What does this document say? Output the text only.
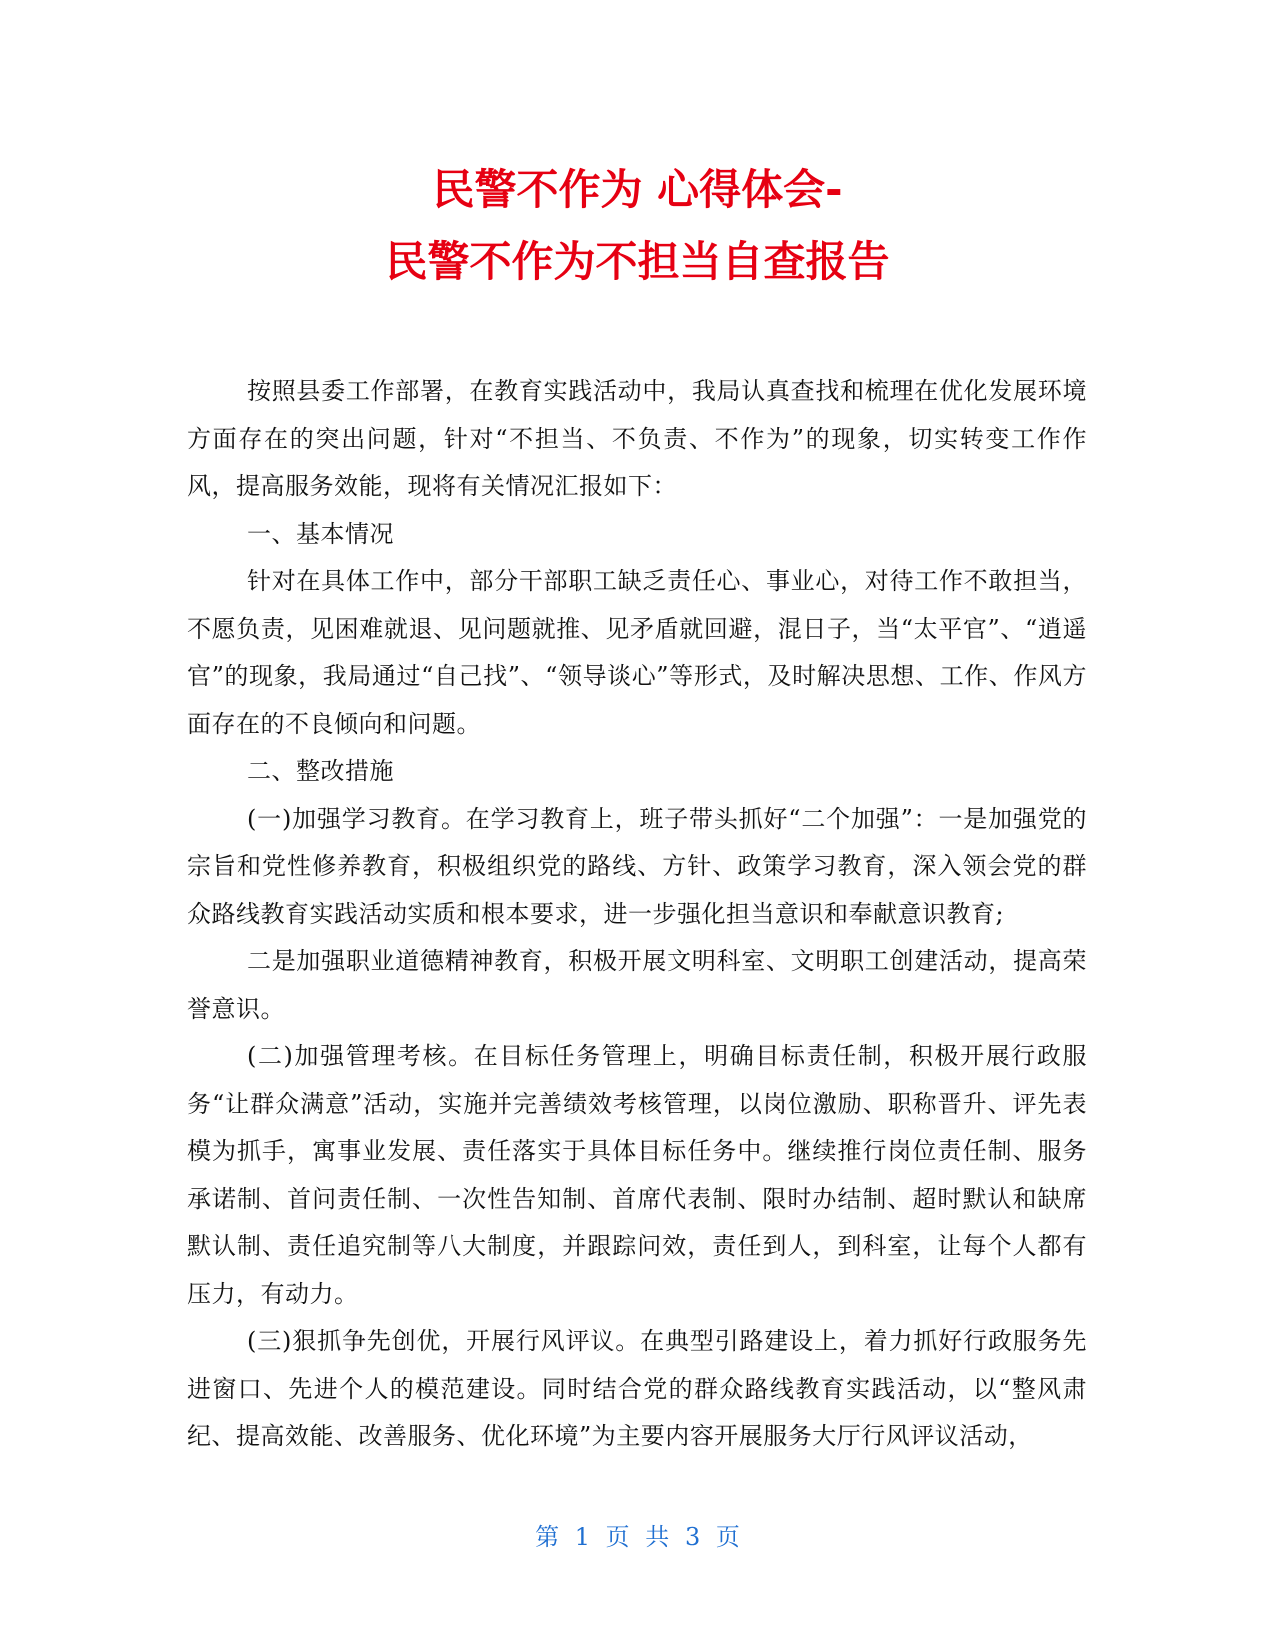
民警不作为 心得体会-
民警不作为不担当自查报告

按照县委工作部署，在教育实践活动中，我局认真查找和梳理在优化发展环境方面存在的突出问题，针对“不担当、不负责、不作为”的现象，切实转变工作作风，提高服务效能，现将有关情况汇报如下：

一、基本情况

针对在具体工作中，部分干部职工缺乏责任心、事业心，对待工作不敢担当，不愿负责，见困难就退、见问题就推、见矛盾就回避，混日子，当“太平官”、“逍遥官”的现象，我局通过“自己找”、“领导谈心”等形式，及时解决思想、工作、作风方面存在的不良倾向和问题。

二、整改措施

(一)加强学习教育。在学习教育上，班子带头抓好“二个加强”：一是加强党的宗旨和党性修养教育，积极组织党的路线、方针、政策学习教育，深入领会党的群众路线教育实践活动实质和根本要求，进一步强化担当意识和奉献意识教育;

二是加强职业道德精神教育，积极开展文明科室、文明职工创建活动，提高荣誉意识。

(二)加强管理考核。在目标任务管理上，明确目标责任制，积极开展行政服务“让群众满意”活动，实施并完善绩效考核管理，以岗位激励、职称晋升、评先表模为抓手，寓事业发展、责任落实于具体目标任务中。继续推行岗位责任制、服务承诺制、首问责任制、一次性告知制、首席代表制、限时办结制、超时默认和缺席默认制、责任追究制等八大制度，并跟踪问效，责任到人，到科室，让每个人都有压力，有动力。

(三)狠抓争先创优，开展行风评议。在典型引路建设上，着力抓好行政服务先进窗口、先进个人的模范建设。同时结合党的群众路线教育实践活动，以“整风肃纪、提高效能、改善服务、优化环境”为主要内容开展服务大厅行风评议活动，

第 1 页 共 3 页
